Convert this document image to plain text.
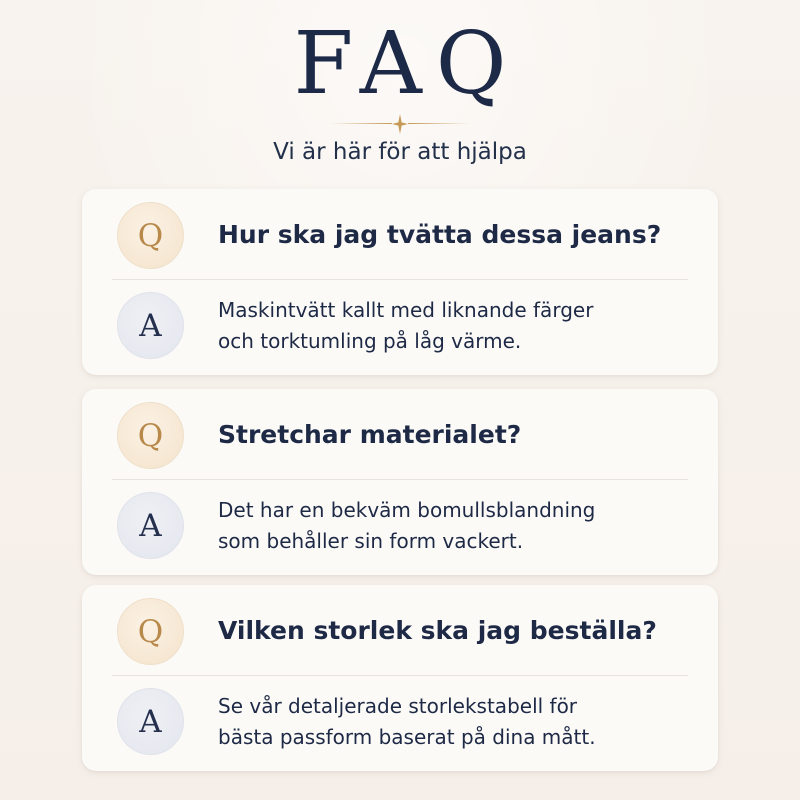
FAQ
Vi är här för att hjälpa
Q Hur ska jag tvätta dessa jeans?
A	Maskintvätt kallt med liknande färger
och torktumling på låg värme.
Q Stretchar materialet?
A	Det har en bekväm bomullsblandning
som behåller sin form vackert.
Q Vilken storlek ska jag beställa?
A	Se vår detaljerade storlekstabell för
bästa passform baserat på dina mått.
